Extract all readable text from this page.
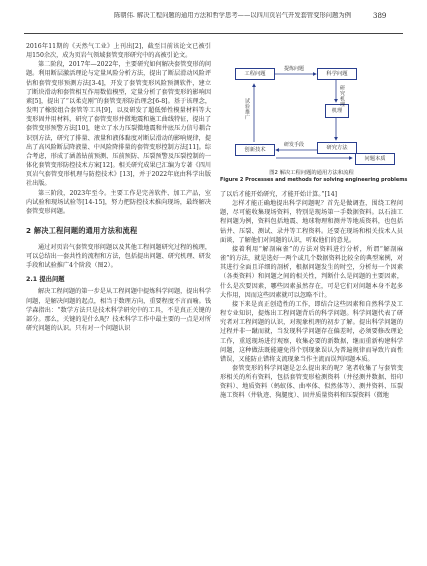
陈朝伟. 解决工程问题的通用方法和哲学思考——以四川页岩气开发套管变形问题为例	389

2016年11期的《天然气工业》上刊出[2]，截至目前该论文已被引用150余次，成为页岩气领域套管变形研究中的高被引论文。

第二阶段，2017年—2022年，主要研究如何解决套管变形的问题。利用断层激活理论与定量风险分析方法，提出了断层滑动风险评估和套管变形预测方法[3-4]，开发了套管变形风险预测软件，建立了断块滑动和套管相互作用数值模型，定量分析了套管变形的影响因素[5]，提出了“以柔克刚”的套管变形防治理念[6-8]。基于该理念，发明了橡胶组合套管等工具[9]，以及研发了超低弹性模量材料等大变形固井用材料，研究了套管变形并微地震和施工曲线特征，提出了套管变形预警方法[10]，建立了水力压裂微地震和井底压力信号耦合识别方法，研究了排量、液量和液体黏度对断层滑动的影响规律，提出了高风险断层降液量、中风险降排量的套管变形控制方法[11]。综合考虑，形成了涵盖钻前预测、压前预防、压裂预警及压裂控制的一体化套管变形防控技术方案[12]。相关研究成果已汇编为专著《四川页岩气套管变形机理与防控技术》[13]，并于2022年底由科学出版社出版。

第三阶段，2023年至今。主要工作是完善软件、加工产品，室内试验和现场试验等[14-15]，努力把防控技术推向现场，最终解决套管变形问题。

2 解决工程问题的通用方法和流程

通过对页岩气套管变形问题以及其他工程问题研究过程的梳理，可以总结出一套共性的流程和方法，包括提出问题、研究机理、研发手段和试验推广4个阶段（图2）。

2.1 提出问题

解决工程问题的第一步是从工程问题中提炼科学问题，提出科学问题，是解决问题的起点，相当于数理方向，重要程度不言而喻。钱学森指出：“数学方法只是技术科学研究中的工具，不是真正关键的部分。那么，关键的是什么呢？技术科学工作中最主要的一点是对所研究问题的认识。只有对一个问题认识

工程问题	科学问题
机理
研究方法
创新技术
问题本质
提炼问题
试验推广
研究机理
研发手段
图2 解决工程问题的通用方法和流程
Figure 2 Processes and methods for solving engineering problems

了以后才能开始研究，才能开始计算。”[14]

怎样才能正确地提出科学问题呢？首先是做调查，围绕工程问题，尽可能收集现场资料，特别是现场第一手数据资料。以石油工程问题为例，资料包括地震、地球物理和测井等地质资料，也包括钻井、压裂、测试、录井等工程资料。还要在现场和相关技术人员面谈，了解他们对问题的认识，听取他们的意见。

接着利用“解剖麻雀”的方法对资料进行分析，所谓“解剖麻雀”的方法，就是选好一两个或几个数据资料比较全的典型案例，对其进行全面且详细的剖析，根据问题发生的时空，分析每一个因素（各类资料）和问题之间的相关性，判断什么是问题的主要因素，什么是次要因素，哪些因素虽然存在，可是它们对问题本身不起多大作用，因而这些因素就可以忽略不计。

接下来是真正创造性的工作，即结合这些因素和自然科学及工程专业知识，提炼出工程问题背后的科学问题。科学问题代表了研究者对工程问题的认识，对现象机理的初步了解。提出科学问题的过程并非一蹴而就，当发现科学问题存在偏差时，必须要修改理论工作，重返现场进行观察，收集必要的新数据，继而重新构建科学问题，这种做法既能避免得个别现象误认为普遍规律而导致片面性错误，又能防止错将支流现象当作主流而误判问题本质。

套管变形的科学问题是怎么提出来的呢？笔者收集了与套管变形相关的所有资料，包括套管变形检测资料（井径测井数据、铅印资料）、地质资料（蚂蚁体、曲率体、似然体等）、测井资料、压裂施工资料（井轨迹、狗腿度）、固井质量资料和压裂资料（微地
